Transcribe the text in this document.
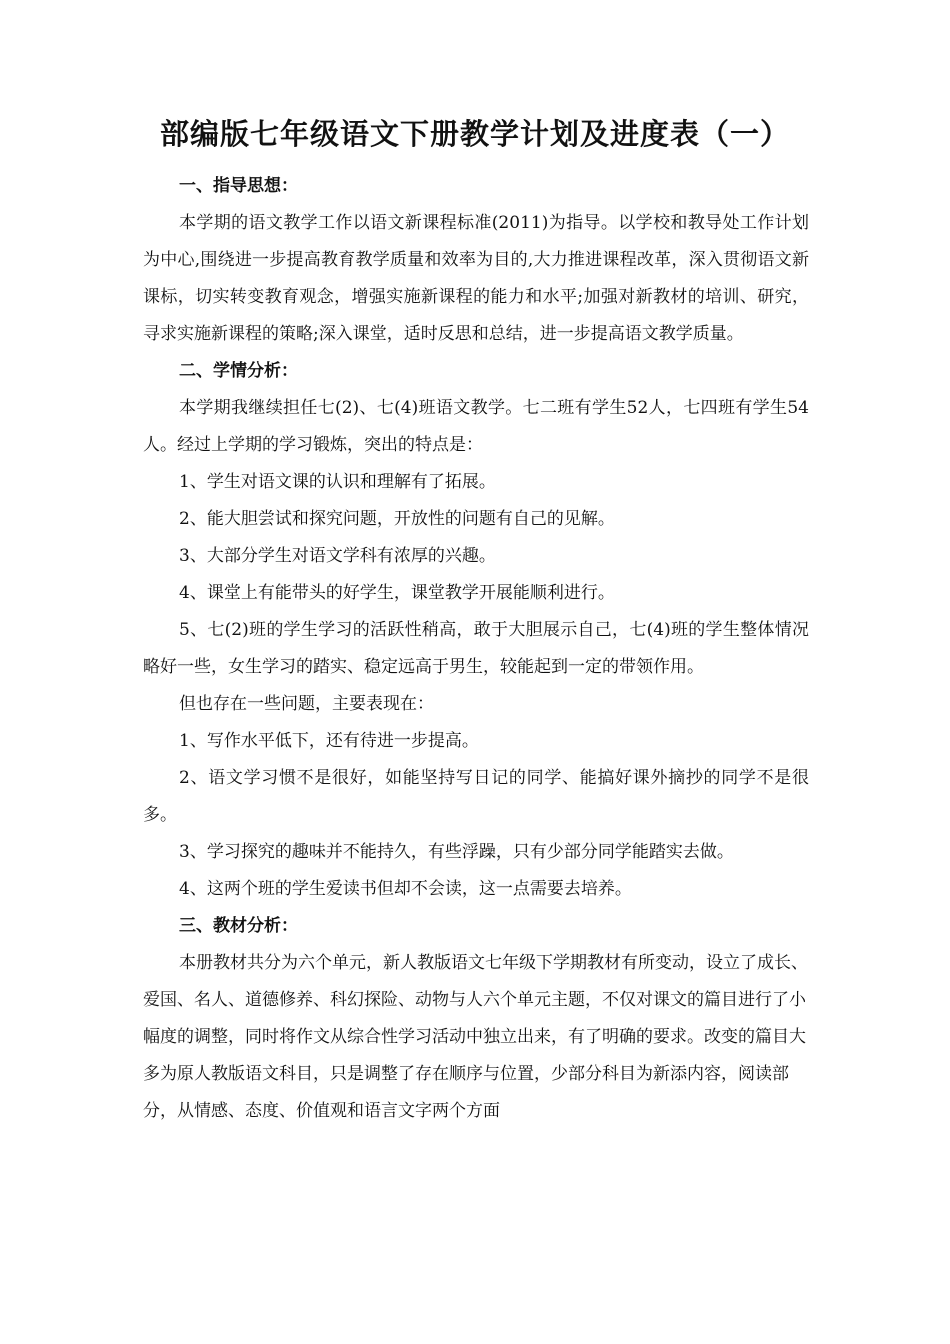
部编版七年级语文下册教学计划及进度表（一）
一、指导思想：

本学期的语文教学工作以语文新课程标准(2011)为指导。以学校和教导处工作计划为中心,围绕进一步提高教育教学质量和效率为目的,大力推进课程改革，深入贯彻语文新课标，切实转变教育观念，增强实施新课程的能力和水平;加强对新教材的培训、研究，寻求实施新课程的策略;深入课堂，适时反思和总结，进一步提高语文教学质量。

二、学情分析：

本学期我继续担任七(2)、七(4)班语文教学。七二班有学生52人，七四班有学生54人。经过上学期的学习锻炼，突出的特点是：

1、学生对语文课的认识和理解有了拓展。

2、能大胆尝试和探究问题，开放性的问题有自己的见解。

3、大部分学生对语文学科有浓厚的兴趣。

4、课堂上有能带头的好学生，课堂教学开展能顺利进行。

5、七(2)班的学生学习的活跃性稍高，敢于大胆展示自己，七(4)班的学生整体情况略好一些，女生学习的踏实、稳定远高于男生，较能起到一定的带领作用。

但也存在一些问题，主要表现在：

1、写作水平低下，还有待进一步提高。

2、语文学习惯不是很好，如能坚持写日记的同学、能搞好课外摘抄的同学不是很多。

3、学习探究的趣味并不能持久，有些浮躁，只有少部分同学能踏实去做。

4、这两个班的学生爱读书但却不会读，这一点需要去培养。

三、教材分析：

本册教材共分为六个单元，新人教版语文七年级下学期教材有所变动，设立了成长、爱国、名人、道德修养、科幻探险、动物与人六个单元主题，不仅对课文的篇目进行了小幅度的调整，同时将作文从综合性学习活动中独立出来，有了明确的要求。改变的篇目大多为原人教版语文科目，只是调整了存在顺序与位置，少部分科目为新添内容，阅读部分，从情感、态度、价值观和语言文字两个方面
